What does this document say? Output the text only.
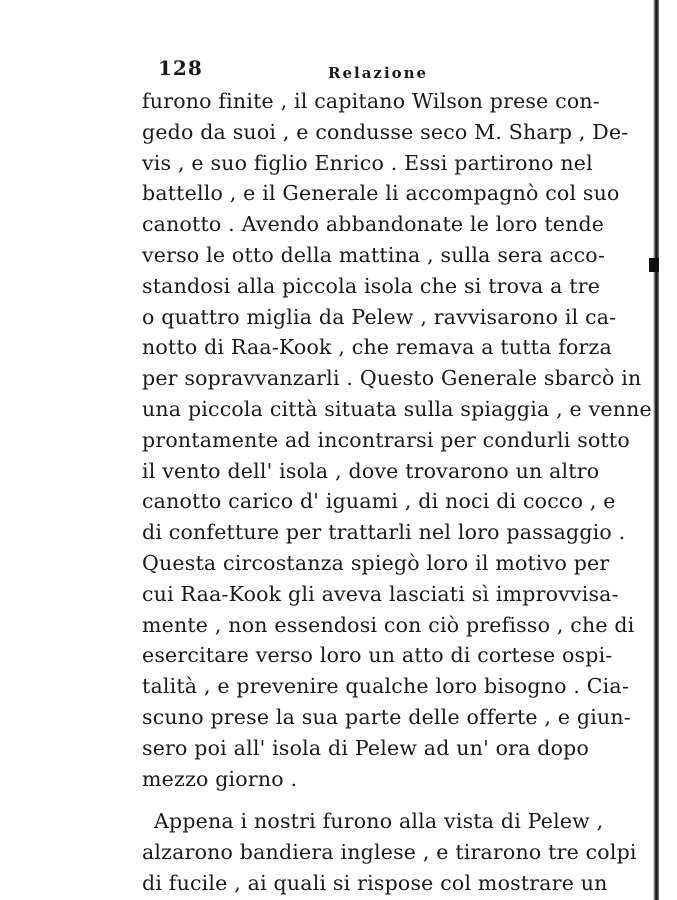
128	Relazione
furono finite , il capitano Wilson prese con-
gedo da suoi , e condusse seco M. Sharp , De-
vis , e suo figlio Enrico . Essi partirono nel
battello , e il Generale li accompagnò col suo
canotto . Avendo abbandonate le loro tende
verso le otto della mattina , sulla sera acco-
standosi alla piccola isola che si trova a tre
o quattro miglia da Pelew , ravvisarono il ca-
notto di Raa-Kook , che remava a tutta forza
per sopravvanzarli . Questo Generale sbarcò in
una piccola città situata sulla spiaggia , e venne
prontamente ad incontrarsi per condurli sotto
il vento dell' isola , dove trovarono un altro
canotto carico d' iguami , di noci di cocco , e
di confetture per trattarli nel loro passaggio .
Questa circostanza spiegò loro il motivo per
cui Raa-Kook gli aveva lasciati sì improvvisa-
mente , non essendosi con ciò prefisso , che di
esercitare verso loro un atto di cortese ospi-
talità , e prevenire qualche loro bisogno . Cia-
scuno prese la sua parte delle offerte , e giun-
sero poi all' isola di Pelew ad un' ora dopo
mezzo giorno .
Appena i nostri furono alla vista di Pelew ,
alzarono bandiera inglese , e tirarono tre colpi
di fucile , ai quali si rispose col mostrare un
